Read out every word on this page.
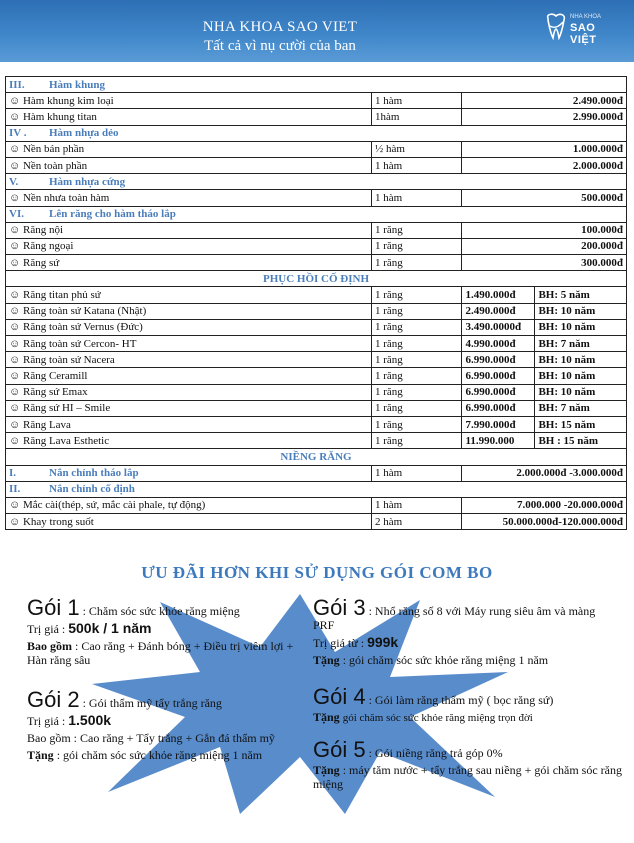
NHA KHOA SAO VIET
Tất cả vì nụ cười của ban
NHA KHOA
SAO VIỆT
III. Hàm khung			
☺ Hàm khung kim loại	1 hàm	2.490.000đ	
☺ Hàm khung titan	1hàm	2.990.000đ	
IV . Hàm nhựa dẻo			
☺ Nền bán phần	½ hàm	1.000.000đ	
☺ Nền toàn phần	1 hàm	2.000.000đ	
V. Hàm nhựa cứng			
☺ Nền nhưa toàn hàm	1 hàm	500.000đ	
VI. Lên răng cho hàm tháo lắp			
☺ Răng nội	1 răng	100.000đ	
☺ Răng ngoại	1 răng	200.000đ	
☺ Răng sứ	1 răng	300.000đ	
PHỤC HỒI CỐ ĐỊNH			
☺ Răng titan phủ sứ	1 răng	1.490.000đ	BH: 5 năm
☺ Răng toàn sứ Katana (Nhật)	1 răng	2.490.000đ	BH: 10 năm
☺ Răng toàn sứ Vernus (Đức)	1 răng	3.490.0000đ	BH: 10 năm
☺ Răng toàn sứ Cercon- HT	1 răng	4.990.000đ	BH: 7 năm
☺ Răng toàn sứ Nacera	1 răng	6.990.000đ	BH: 10 năm
☺ Răng Ceramill	1 răng	6.990.000đ	BH: 10 năm
☺ Răng sứ Emax	1 răng	6.990.000đ	BH: 10 năm
☺ Răng sứ HI – Smile	1 răng	6.990.000đ	BH: 7 năm
☺ Răng Lava	1 răng	7.990.000đ	BH: 15 năm
☺ Răng Lava Esthetic	1 răng	11.990.000	BH : 15 năm
NIỀNG RĂNG			
I. Nắn chỉnh tháo lắp	1 hàm	2.000.000đ -3.000.000đ	
II. Nắn chỉnh cố định			
☺ Mắc cài(thép, sứ, mắc cài phale, tự động)	1 hàm	7.000.000 -20.000.000đ	
☺ Khay trong suốt	2 hàm	50.000.000đ-120.000.000đ	
ƯU ĐÃI HƠN KHI SỬ DỤNG GÓI COM BO
Gói 1 : Chăm sóc sức khỏe răng miệng
Trị giá : 500k / 1 năm
Bao gồm : Cao răng + Đánh bóng + Điều trị viêm lợi + Hàn răng sâu
Gói 2 : Gói thẩm mỹ tẩy trắng răng
Trị giá : 1.500k
Bao gồm : Cao răng + Tẩy trắng + Gắn đá thẩm mỹ
Tặng : gói chăm sóc sức khỏe răng miệng 1 năm
Gói 3 : Nhổ răng số 8 với Máy rung siêu âm và màng PRF
Trị giá từ : 999k
Tặng : gói chăm sóc sức khỏe răng miệng 1 năm
Gói 4 : Gói làm răng thẩm mỹ ( bọc răng sứ)
Tặng gói chăm sóc sức khỏe răng miệng trọn đời
Gói 5 : Gói niềng răng trả góp 0%
Tặng : máy tăm nước + tẩy trắng sau niềng + gói chăm sóc răng miệng
